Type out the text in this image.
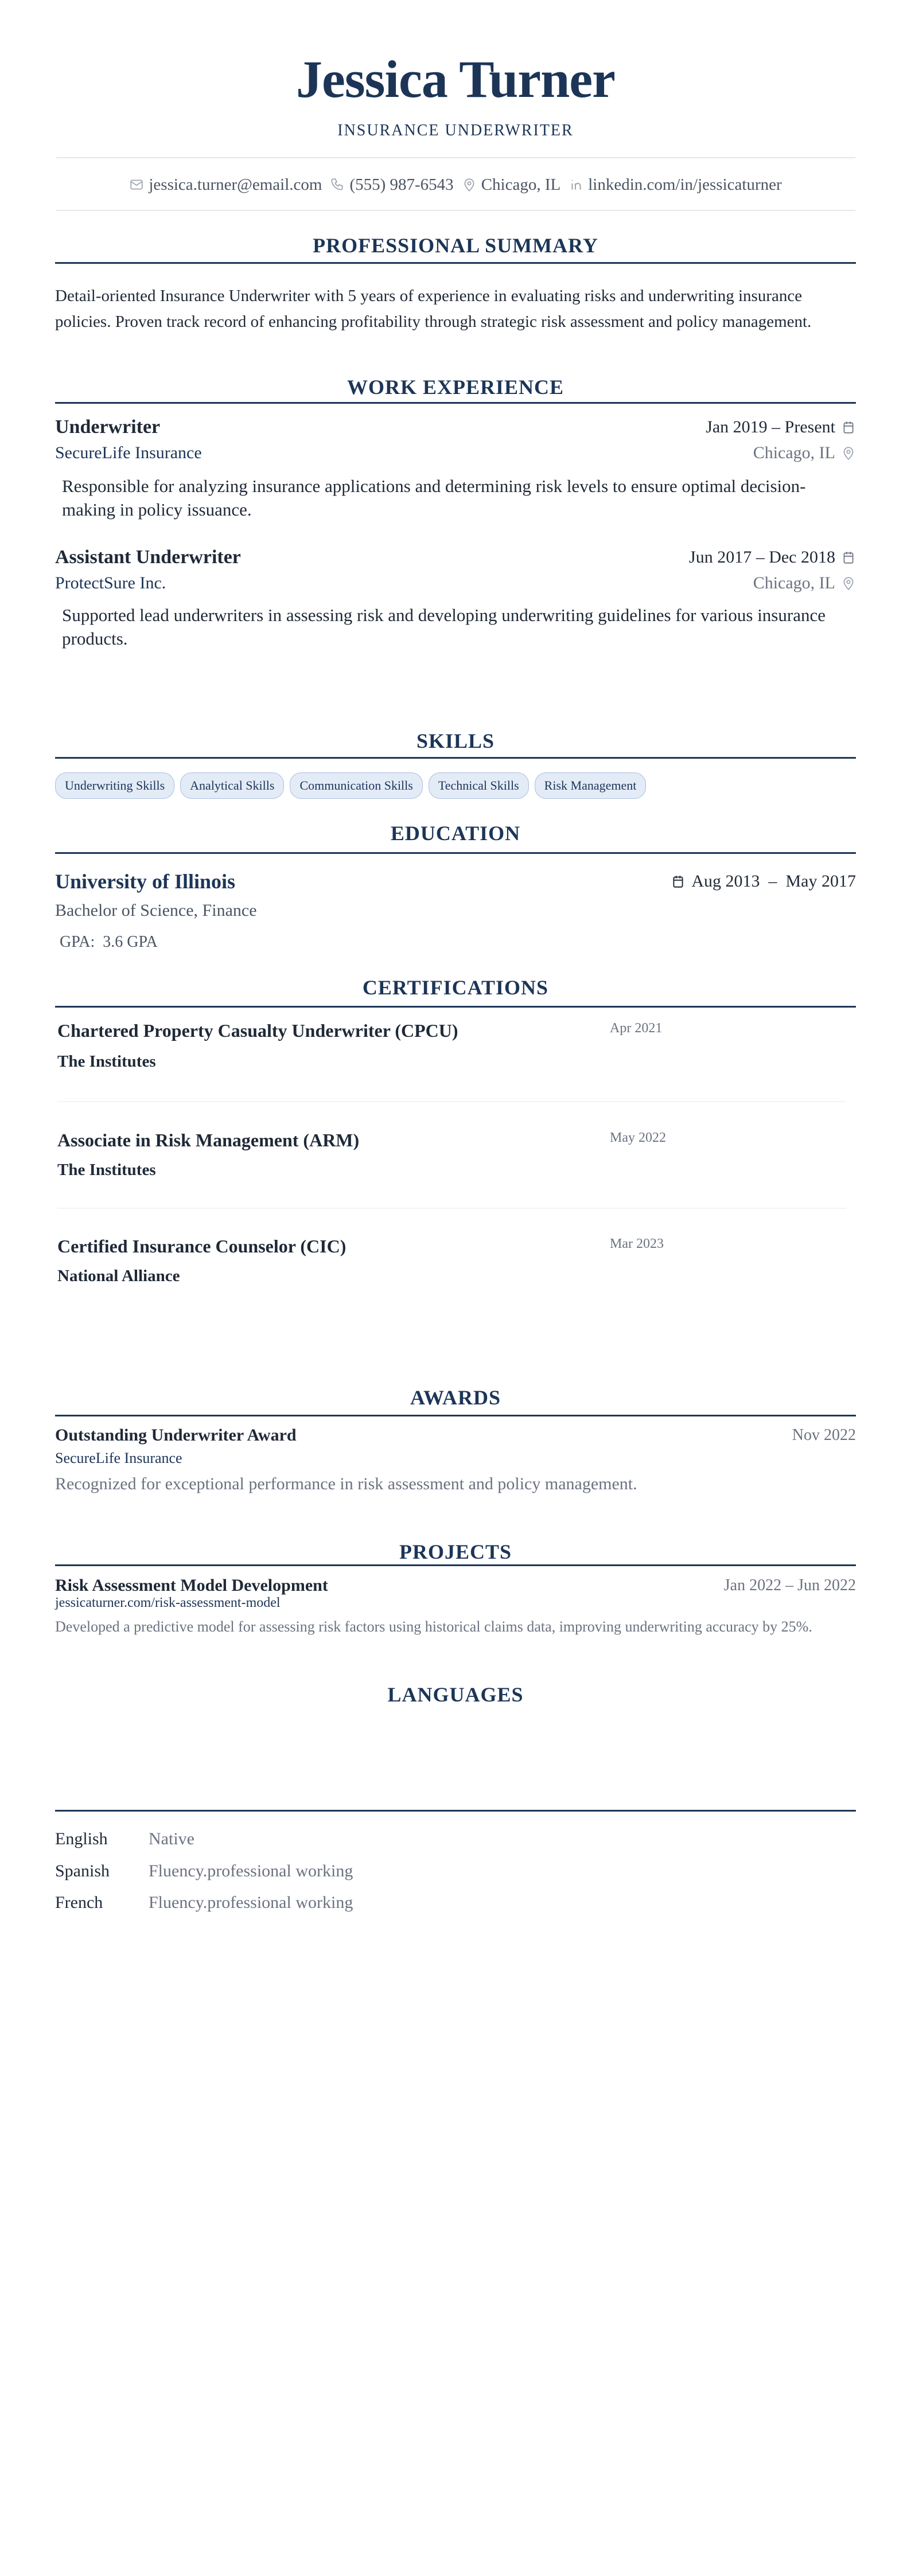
Jessica Turner
INSURANCE UNDERWRITER
jessica.turner@email.com (555) 987-6543 Chicago, IL linkedin.com/in/jessicaturner
PROFESSIONAL SUMMARY
Detail-oriented Insurance Underwriter with 5 years of experience in evaluating risks and underwriting insurance policies. Proven track record of enhancing profitability through strategic risk assessment and policy management.
WORK EXPERIENCE
Underwriter	Jan 2019 – Present
SecureLife Insurance	Chicago, IL
Responsible for analyzing insurance applications and determining risk levels to ensure optimal decision-making in policy issuance.
Assistant Underwriter	Jun 2017 – Dec 2018
ProtectSure Inc.	Chicago, IL
Supported lead underwriters in assessing risk and developing underwriting guidelines for various insurance products.
SKILLS
Underwriting Skills	Analytical Skills	Communication Skills	Technical Skills	Risk Management
EDUCATION
University of Illinois	Aug 2013  –  May 2017
Bachelor of Science, Finance
GPA: 3.6 GPA
CERTIFICATIONS
Chartered Property Casualty Underwriter (CPCU)	Apr 2021
The Institutes
Associate in Risk Management (ARM)	May 2022
The Institutes
Certified Insurance Counselor (CIC)	Mar 2023
National Alliance
AWARDS
Outstanding Underwriter Award	Nov 2022
SecureLife Insurance
Recognized for exceptional performance in risk assessment and policy management.
PROJECTS
Risk Assessment Model Development	Jan 2022 – Jun 2022
jessicaturner.com/risk-assessment-model
Developed a predictive model for assessing risk factors using historical claims data, improving underwriting accuracy by 25%.
LANGUAGES
English	Native
Spanish	Fluency.professional working
French	Fluency.professional working
